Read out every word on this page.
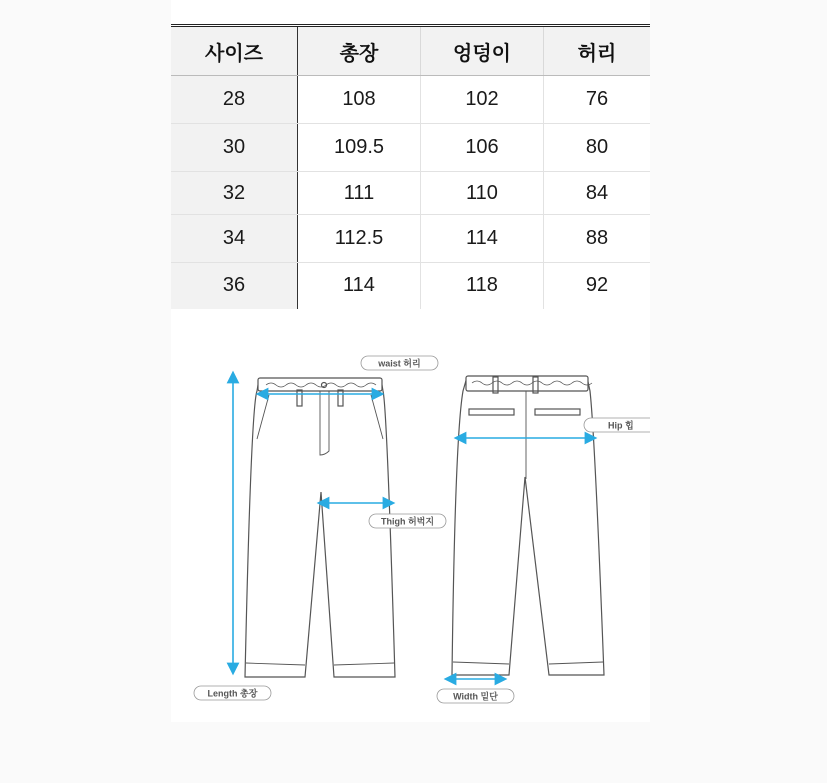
사이즈	총장	엉덩이	허리
28	108	102	76
30	109.5	106	80
32	111	110	84
34	112.5	114	88
36	114	118	92
waist 허리
Hip 힙
Thigh 허벅지
Length 총장	Width 밑단
